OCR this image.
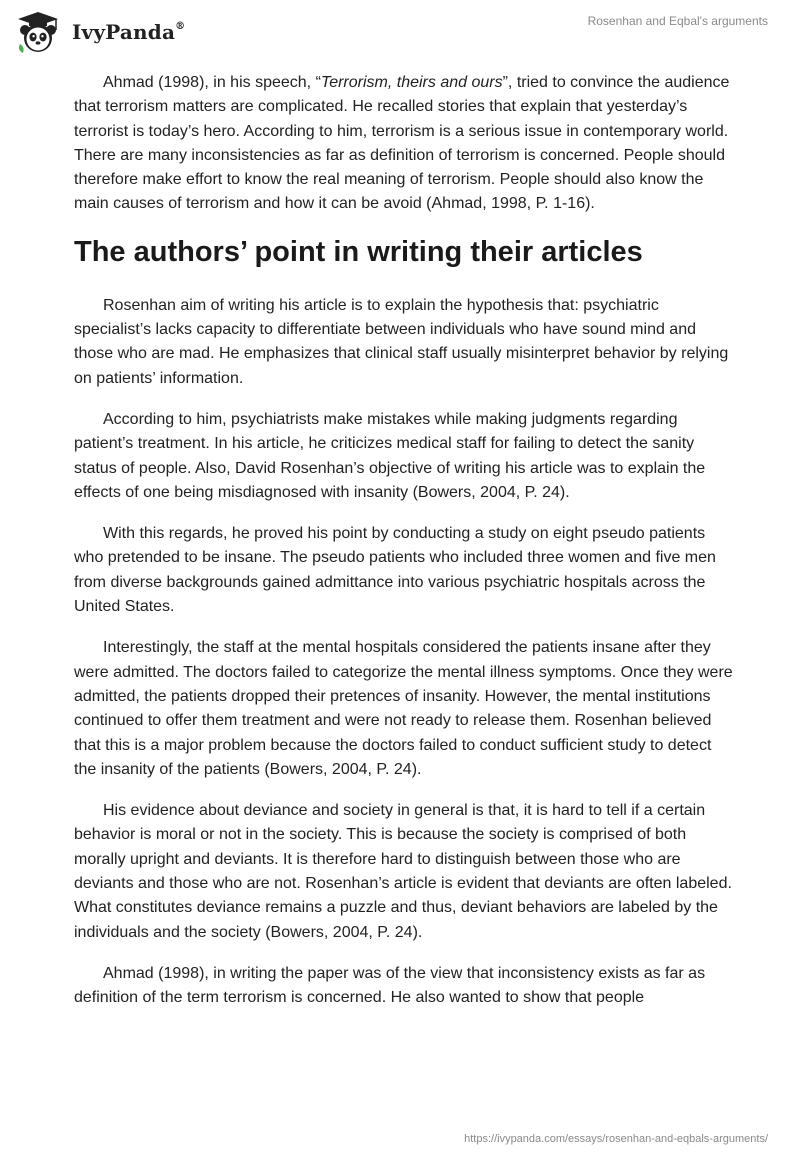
IvyPanda®	Rosenhan and Eqbal's arguments

Ahmad (1998), in his speech, “Terrorism, theirs and ours”, tried to convince the audience that terrorism matters are complicated. He recalled stories that explain that yesterday’s terrorist is today’s hero. According to him, terrorism is a serious issue in contemporary world. There are many inconsistencies as far as definition of terrorism is concerned. People should therefore make effort to know the real meaning of terrorism. People should also know the main causes of terrorism and how it can be avoid (Ahmad, 1998, P. 1-16).

The authors’ point in writing their articles

Rosenhan aim of writing his article is to explain the hypothesis that: psychiatric specialist’s lacks capacity to differentiate between individuals who have sound mind and those who are mad. He emphasizes that clinical staff usually misinterpret behavior by relying on patients’ information.

According to him, psychiatrists make mistakes while making judgments regarding patient’s treatment. In his article, he criticizes medical staff for failing to detect the sanity status of people. Also, David Rosenhan’s objective of writing his article was to explain the effects of one being misdiagnosed with insanity (Bowers, 2004, P. 24).

With this regards, he proved his point by conducting a study on eight pseudo patients who pretended to be insane. The pseudo patients who included three women and five men from diverse backgrounds gained admittance into various psychiatric hospitals across the United States.

Interestingly, the staff at the mental hospitals considered the patients insane after they were admitted. The doctors failed to categorize the mental illness symptoms. Once they were admitted, the patients dropped their pretences of insanity. However, the mental institutions continued to offer them treatment and were not ready to release them. Rosenhan believed that this is a major problem because the doctors failed to conduct sufficient study to detect the insanity of the patients (Bowers, 2004, P. 24).

His evidence about deviance and society in general is that, it is hard to tell if a certain behavior is moral or not in the society. This is because the society is comprised of both morally upright and deviants. It is therefore hard to distinguish between those who are deviants and those who are not. Rosenhan’s article is evident that deviants are often labeled. What constitutes deviance remains a puzzle and thus, deviant behaviors are labeled by the individuals and the society (Bowers, 2004, P. 24).

Ahmad (1998), in writing the paper was of the view that inconsistency exists as far as definition of the term terrorism is concerned. He also wanted to show that people

https://ivypanda.com/essays/rosenhan-and-eqbals-arguments/
